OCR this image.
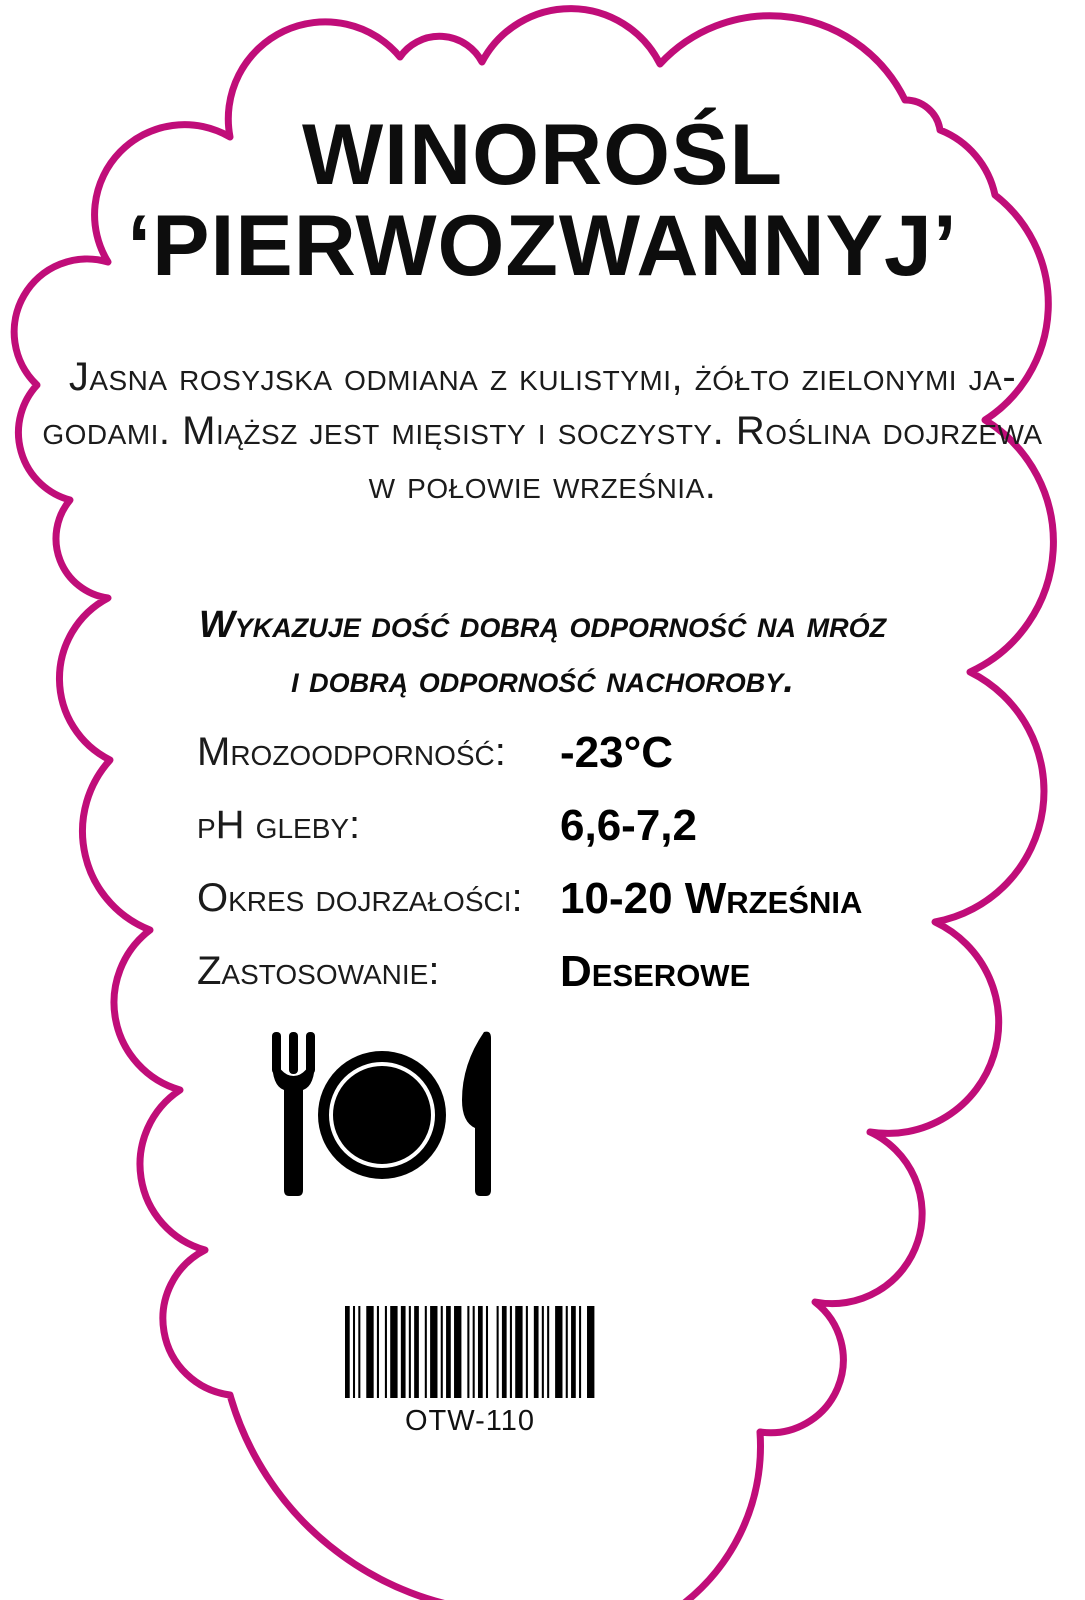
WINOROŚL
‘PIERWOZWANNYJ’
Jasna rosyjska odmiana z kulistymi, żółto zielonymi ja-
godami. Miąższ jest mięsisty i soczysty. Roślina dojrzewa
w połowie września.
Wykazuje dość dobrą odporność na mróz
i dobrą odporność nachoroby.
Mrozoodporność:	-23°C
pH gleby:	6,6-7,2
Okres dojrzałości: 10-20 Września
Zastosowanie:	Deserowe
OTW-110
